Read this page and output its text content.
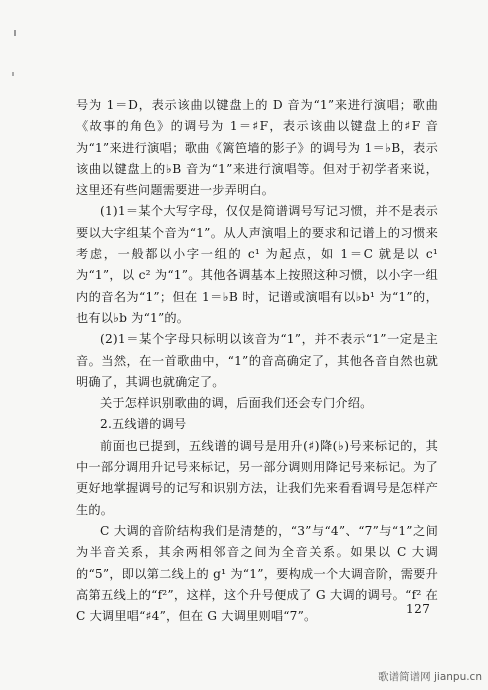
号为 1＝D，表示该曲以键盘上的 D 音为“1”来进行演唱；歌曲《故事的角色》的调号为 1＝♯F，表示该曲以键盘上的♯F 音为“1”来进行演唱；歌曲《篱笆墙的影子》的调号为 1＝♭B，表示该曲以键盘上的♭B 音为“1”来进行演唱等。但对于初学者来说，这里还有些问题需要进一步弄明白。

(1)1＝某个大写字母，仅仅是简谱调号写记习惯，并不是表示要以大字组某个音为“1”。从人声演唱上的要求和记谱上的习惯来考虑，一般都以小字一组的 c¹ 为起点，如 1＝C 就是以 c¹ 为“1”，以 c² 为“1”。其他各调基本上按照这种习惯，以小字一组内的音名为“1”；但在 1＝♭B 时，记谱或演唱有以♭b¹ 为“1”的，也有以♭b 为“1”的。

(2)1＝某个字母只标明以该音为“1”，并不表示“1”一定是主音。当然，在一首歌曲中，“1”的音高确定了，其他各音自然也就明确了，其调也就确定了。

关于怎样识别歌曲的调，后面我们还会专门介绍。

2.五线谱的调号

前面也已提到，五线谱的调号是用升(♯)降(♭)号来标记的，其中一部分调用升记号来标记，另一部分调则用降记号来标记。为了更好地掌握调号的记写和识别方法，让我们先来看看调号是怎样产生的。

C 大调的音阶结构我们是清楚的，“3”与“4”、“7”与“1”之间为半音关系，其余两相邻音之间为全音关系。如果以 C 大调的“5”，即以第二线上的 g¹ 为“1”，要构成一个大调音阶，需要升高第五线上的“f²”，这样，这个升号便成了 G 大调的调号。“f² 在 C 大调里唱“♯4”，但在 G 大调里则唱“7”。

127
歌谱简谱网 jianpu.cn
